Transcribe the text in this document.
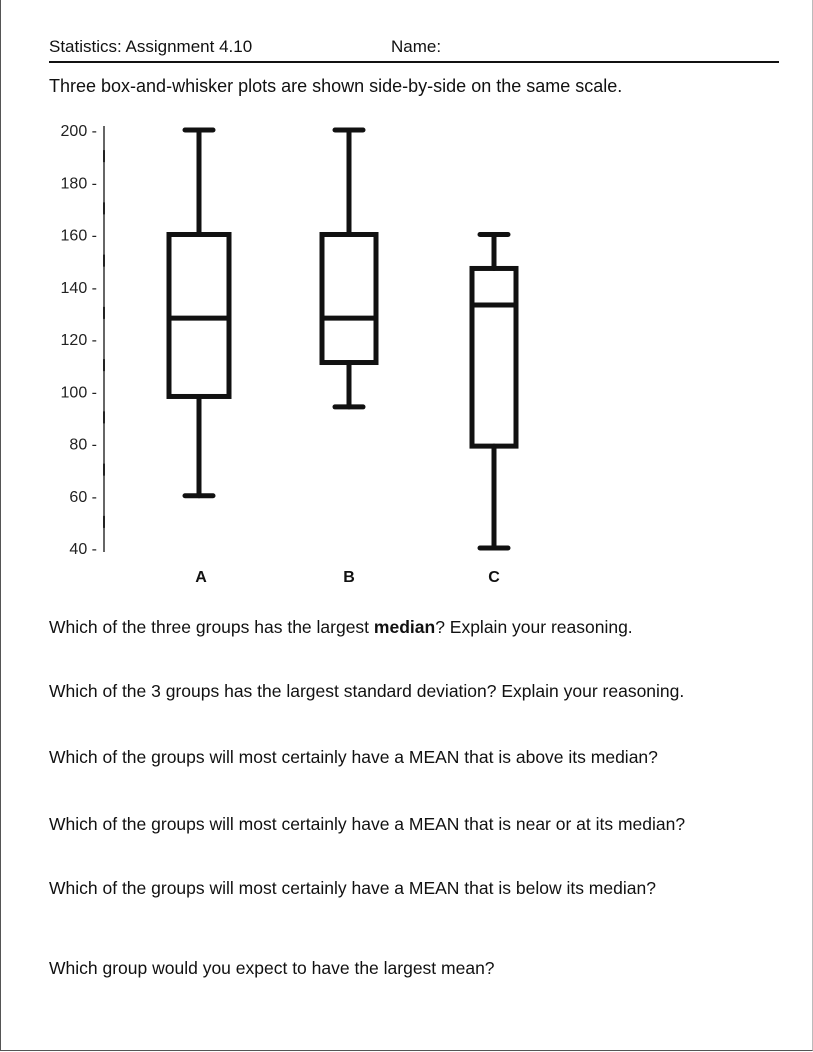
Statistics: Assignment 4.10	Name:
Three box-and-whisker plots are shown side-by-side on the same scale.
200 -
180 -
160 -
140 -
120 -
100 -
80 -
60 -
40 -
A	B	C
Which of the three groups has the largest median? Explain your reasoning.
Which of the 3 groups has the largest standard deviation? Explain your reasoning.
Which of the groups will most certainly have a MEAN that is above its median?
Which of the groups will most certainly have a MEAN that is near or at its median?
Which of the groups will most certainly have a MEAN that is below its median?
Which group would you expect to have the largest mean?
